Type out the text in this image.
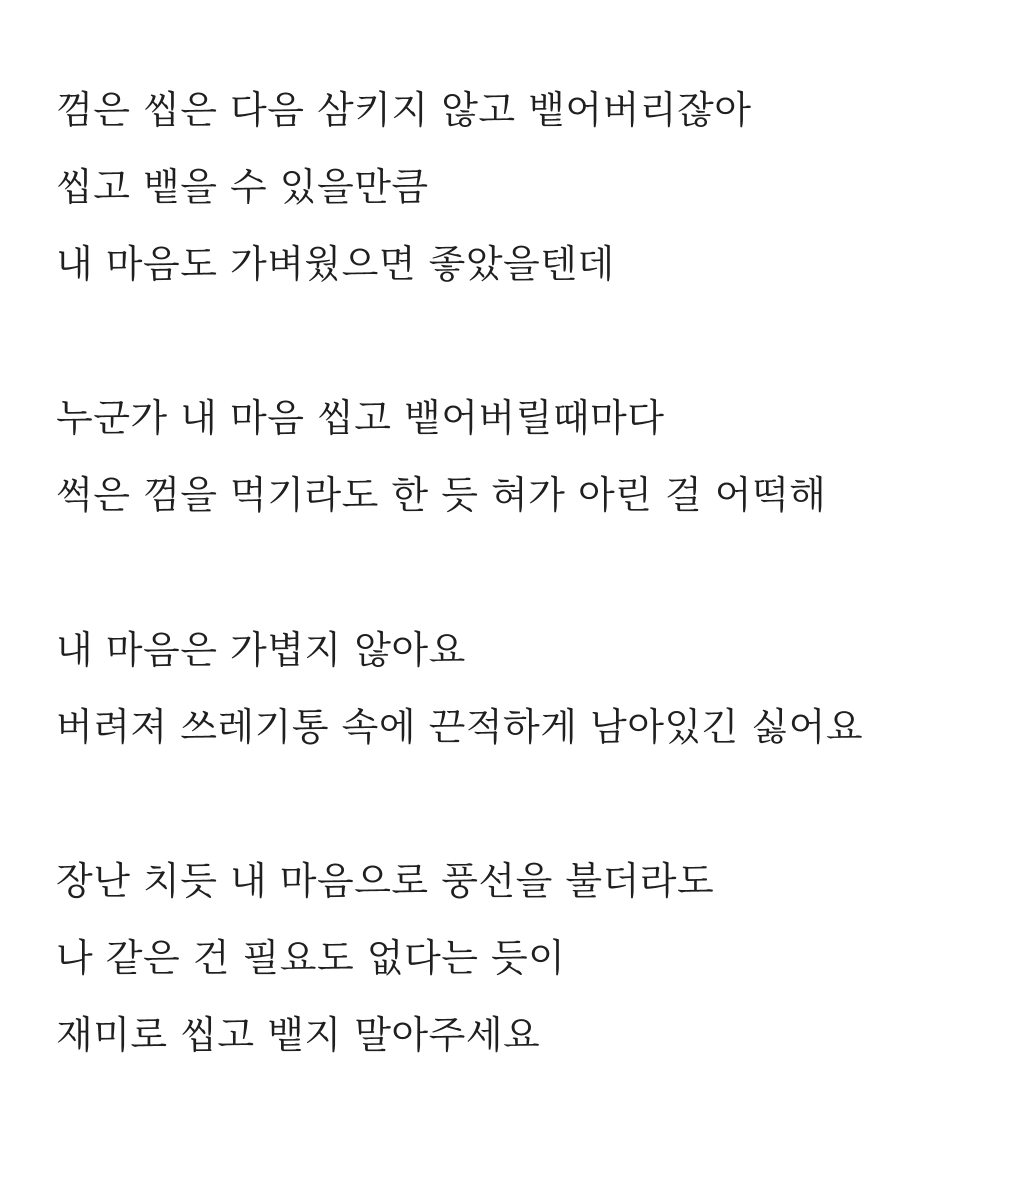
껌은 씹은 다음 삼키지 않고 뱉어버리잖아
씹고 뱉을 수 있을만큼
내 마음도 가벼웠으면 좋았을텐데
누군가 내 마음 씹고 뱉어버릴때마다
썩은 껌을 먹기라도 한 듯 혀가 아린 걸 어떡해
내 마음은 가볍지 않아요
버려져 쓰레기통 속에 끈적하게 남아있긴 싫어요
장난 치듯 내 마음으로 풍선을 불더라도
나 같은 건 필요도 없다는 듯이
재미로 씹고 뱉지 말아주세요
